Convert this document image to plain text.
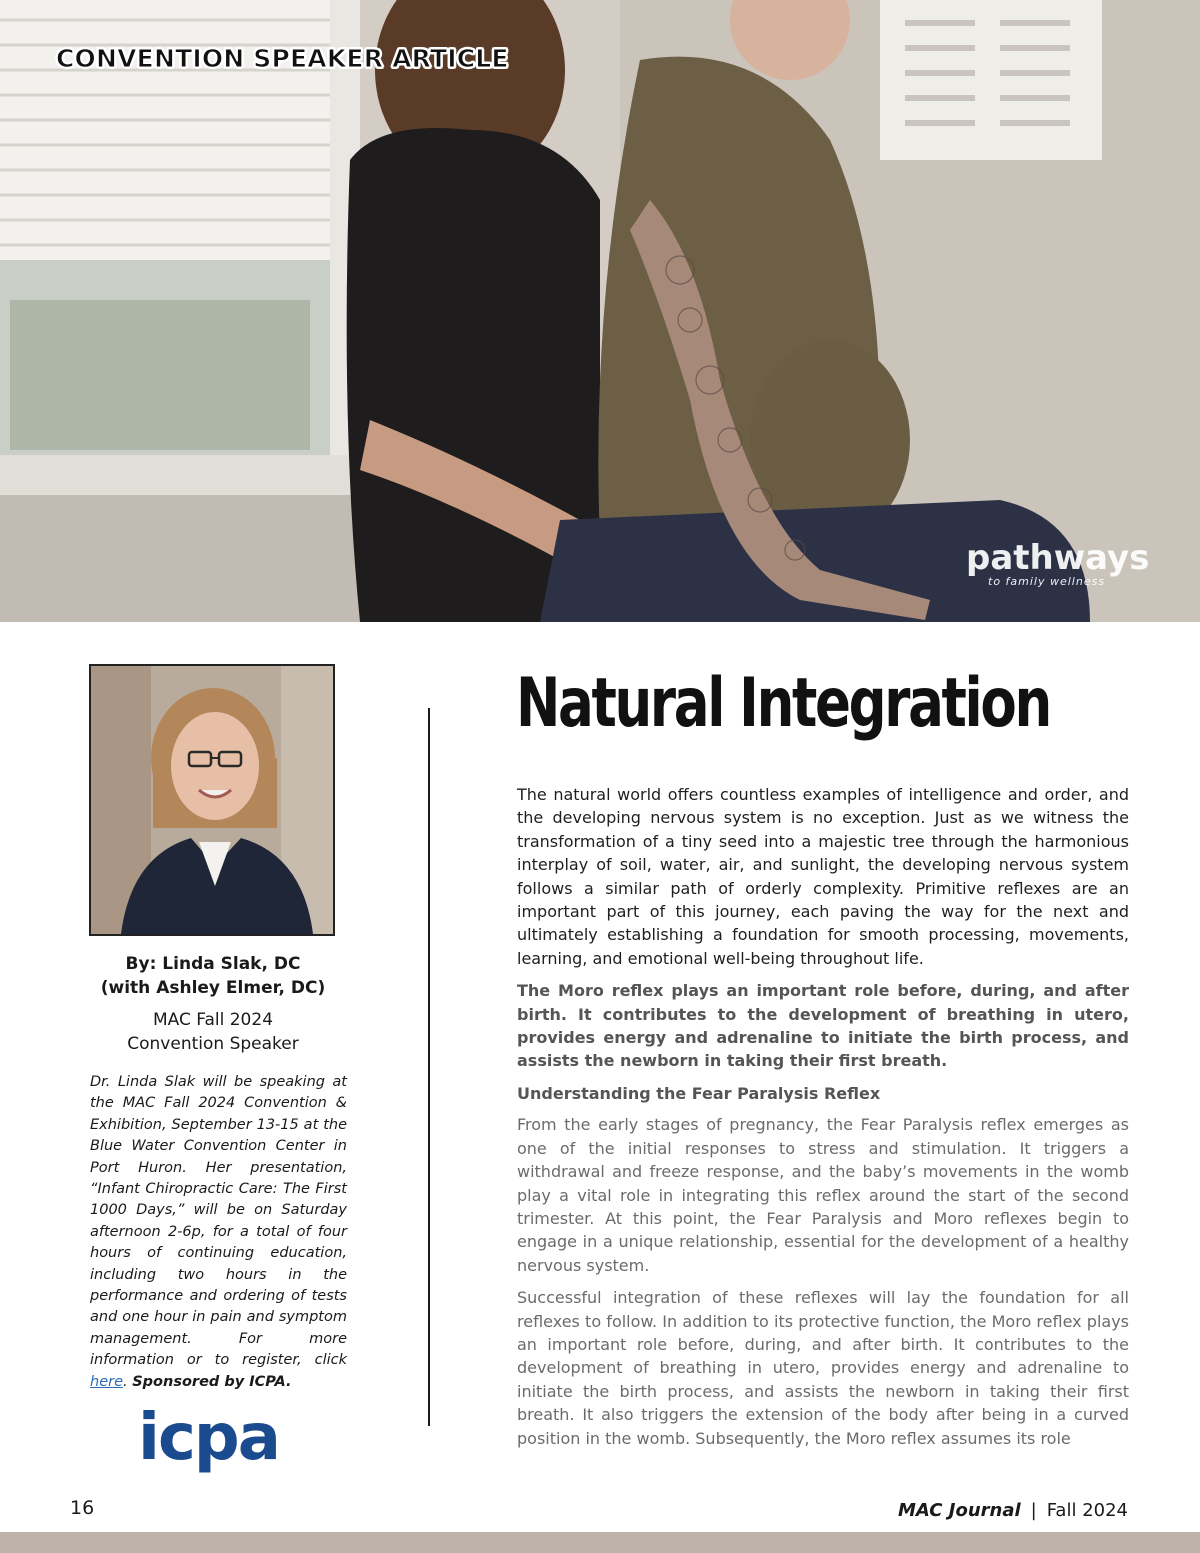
CONVENTION SPEAKER ARTICLE
pathways
to family wellness
By: Linda Slak, DC
(with Ashley Elmer, DC)
MAC Fall 2024
Convention Speaker
Dr. Linda Slak will be speaking at the MAC Fall 2024 Convention & Exhibition, September 13-15 at the Blue Water Convention Center in Port Huron. Her presentation, “Infant Chiropractic Care: The First 1000 Days,” will be on Saturday afternoon 2-6p, for a total of four hours of continuing education, including two hours in the performance and ordering of tests and one hour in pain and symptom management. For more information or to register, click here. Sponsored by ICPA.
icpa
Natural Integration

The natural world offers countless examples of intelligence and order, and the developing nervous system is no exception. Just as we witness the transformation of a tiny seed into a majestic tree through the harmonious interplay of soil, water, air, and sunlight, the developing nervous system follows a similar path of orderly complexity. Primitive reflexes are an important part of this journey, each paving the way for the next and ultimately establishing a foundation for smooth processing, movements, learning, and emotional well-being throughout life.

The Moro reflex plays an important role before, during, and after birth. It contributes to the development of breathing in utero, provides energy and adrenaline to initiate the birth process, and assists the newborn in taking their first breath.

Understanding the Fear Paralysis Reflex

From the early stages of pregnancy, the Fear Paralysis reflex emerges as one of the initial responses to stress and stimulation. It triggers a withdrawal and freeze response, and the baby’s movements in the womb play a vital role in integrating this reflex around the start of the second trimester. At this point, the Fear Paralysis and Moro reflexes begin to engage in a unique relationship, essential for the development of a healthy nervous system.

Successful integration of these reflexes will lay the foundation for all reflexes to follow. In addition to its protective function, the Moro reflex plays an important role before, during, and after birth. It contributes to the development of breathing in utero, provides energy and adrenaline to initiate the birth process, and assists the newborn in taking their first breath. It also triggers the extension of the body after being in a curved position in the womb. Subsequently, the Moro reflex assumes its role

16	MAC Journal | Fall 2024
